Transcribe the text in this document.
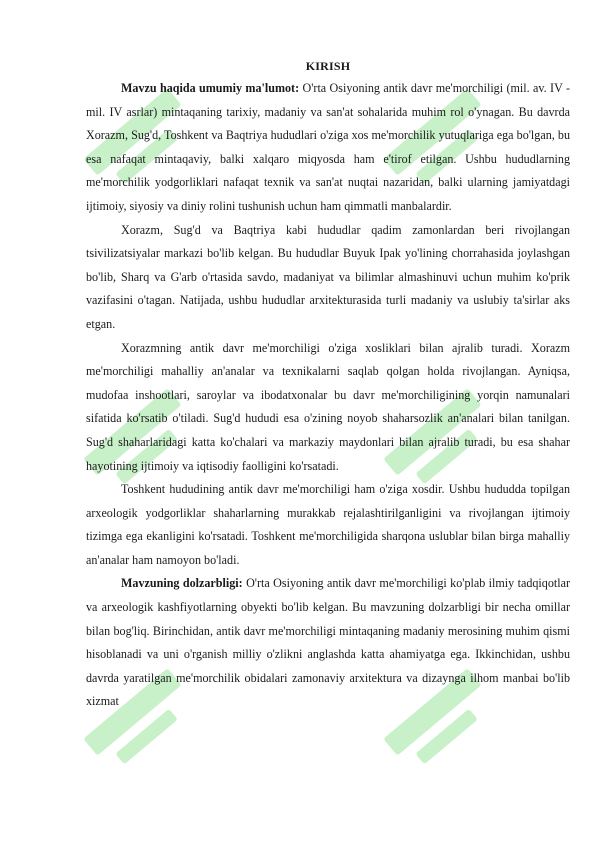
KIRISH

Mavzu haqida umumiy ma'lumot: O'rta Osiyoning antik davr me'morchiligi (mil. av. IV - mil. IV asrlar) mintaqaning tarixiy, madaniy va san'at sohalarida muhim rol o'ynagan. Bu davrda Xorazm, Sug'd, Toshkent va Baqtriya hududlari o'ziga xos me'morchilik yutuqlariga ega bo'lgan, bu esa nafaqat mintaqaviy, balki xalqaro miqyosda ham e'tirof etilgan. Ushbu hududlarning me'morchilik yodgorliklari nafaqat texnik va san'at nuqtai nazaridan, balki ularning jamiyatdagi ijtimoiy, siyosiy va diniy rolini tushunish uchun ham qimmatli manbalardir.

Xorazm, Sug'd va Baqtriya kabi hududlar qadim zamonlardan beri rivojlangan tsivilizatsiyalar markazi bo'lib kelgan. Bu hududlar Buyuk Ipak yo'lining chorrahasida joylashgan bo'lib, Sharq va G'arb o'rtasida savdo, madaniyat va bilimlar almashinuvi uchun muhim ko'prik vazifasini o'tagan. Natijada, ushbu hududlar arxitekturasida turli madaniy va uslubiy ta'sirlar aks etgan.

Xorazmning antik davr me'morchiligi o'ziga xosliklari bilan ajralib turadi. Xorazm me'morchiligi mahalliy an'analar va texnikalarni saqlab qolgan holda rivojlangan. Ayniqsa, mudofaa inshootlari, saroylar va ibodatxonalar bu davr me'morchiligining yorqin namunalari sifatida ko'rsatib o'tiladi. Sug'd hududi esa o'zining noyob shaharsozlik an'analari bilan tanilgan. Sug'd shaharlaridagi katta ko'chalari va markaziy maydonlari bilan ajralib turadi, bu esa shahar hayotining ijtimoiy va iqtisodiy faolligini ko'rsatadi.

Toshkent hududining antik davr me'morchiligi ham o'ziga xosdir. Ushbu hududda topilgan arxeologik yodgorliklar shaharlarning murakkab rejalashtirilganligini va rivojlangan ijtimoiy tizimga ega ekanligini ko'rsatadi. Toshkent me'morchiligida sharqona uslublar bilan birga mahalliy an'analar ham namoyon bo'ladi.

Mavzuning dolzarbligi: O'rta Osiyoning antik davr me'morchiligi ko'plab ilmiy tadqiqotlar va arxeologik kashfiyotlarning obyekti bo'lib kelgan. Bu mavzuning dolzarbligi bir necha omillar bilan bog'liq. Birinchidan, antik davr me'morchiligi mintaqaning madaniy merosining muhim qismi hisoblanadi va uni o'rganish milliy o'zlikni anglashda katta ahamiyatga ega. Ikkinchidan, ushbu davrda yaratilgan me'morchilik obidalari zamonaviy arxitektura va dizaynga ilhom manbai bo'lib xizmat
